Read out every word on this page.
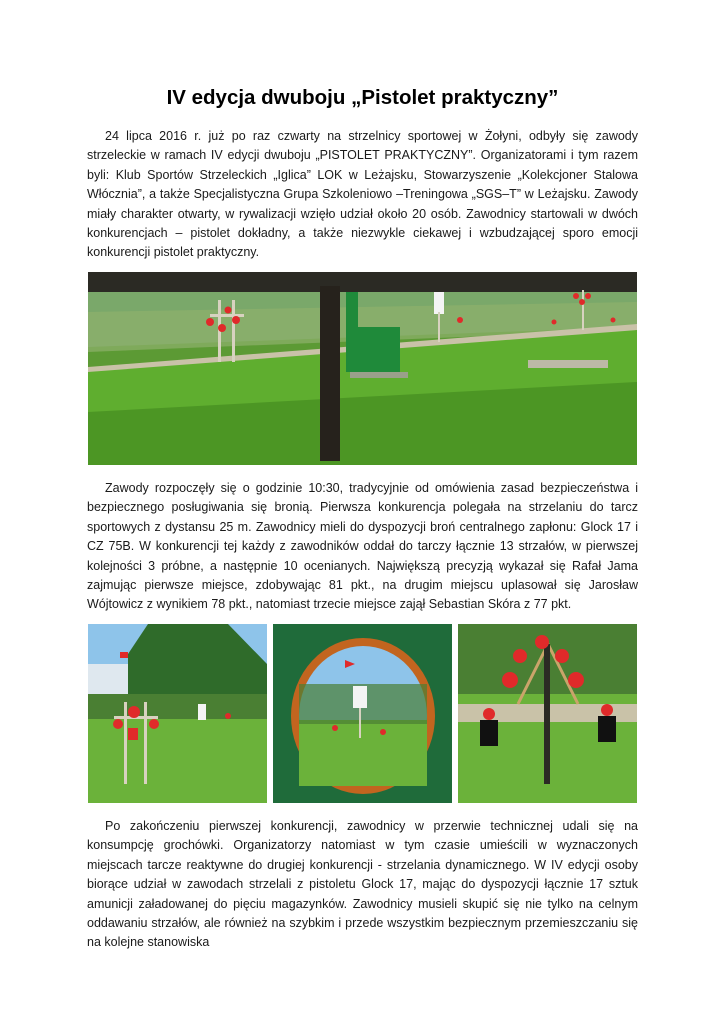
IV edycja dwuboju „Pistolet praktyczny”

24 lipca 2016 r. już po raz czwarty na strzelnicy sportowej w Żołyni, odbyły się zawody strzeleckie w ramach IV edycji dwuboju „PISTOLET PRAKTYCZNY”. Organizatorami i tym razem byli: Klub Sportów Strzeleckich „Iglica” LOK w Leżajsku, Stowarzyszenie „Kolekcjoner Stalowa Włócznia”, a także Specjalistyczna Grupa Szkoleniowo –Treningowa „SGS–T” w Leżajsku. Zawody miały charakter otwarty, w rywalizacji wzięło udział około 20 osób. Zawodnicy startowali w dwóch konkurencjach – pistolet dokładny, a także niezwykle ciekawej i wzbudzającej sporo emocji konkurencji pistolet praktyczny.

Zawody rozpoczęły się o godzinie 10:30, tradycyjnie od omówienia zasad bezpieczeństwa i bezpiecznego posługiwania się bronią. Pierwsza konkurencja polegała na strzelaniu do tarcz sportowych z dystansu 25 m. Zawodnicy mieli do dyspozycji broń centralnego zapłonu: Glock 17 i CZ 75B. W konkurencji tej każdy z zawodników oddał do tarczy łącznie 13 strzałów, w pierwszej kolejności 3 próbne, a następnie 10 ocenianych. Największą precyzją wykazał się Rafał Jama zajmując pierwsze miejsce, zdobywając 81 pkt., na drugim miejscu uplasował się Jarosław Wójtowicz z wynikiem 78 pkt., natomiast trzecie miejsce zajął Sebastian Skóra z 77 pkt.

Po zakończeniu pierwszej konkurencji, zawodnicy w przerwie technicznej udali się na konsumpcję grochówki. Organizatorzy natomiast w tym czasie umieścili w wyznaczonych miejscach tarcze reaktywne do drugiej konkurencji - strzelania dynamicznego. W IV edycji osoby biorące udział w zawodach strzelali z pistoletu Glock 17, mając do dyspozycji łącznie 17 sztuk amunicji załadowanej do pięciu magazynków. Zawodnicy musieli skupić się nie tylko na celnym oddawaniu strzałów, ale również na szybkim i przede wszystkim bezpiecznym przemieszczaniu się na kolejne stanowiska
